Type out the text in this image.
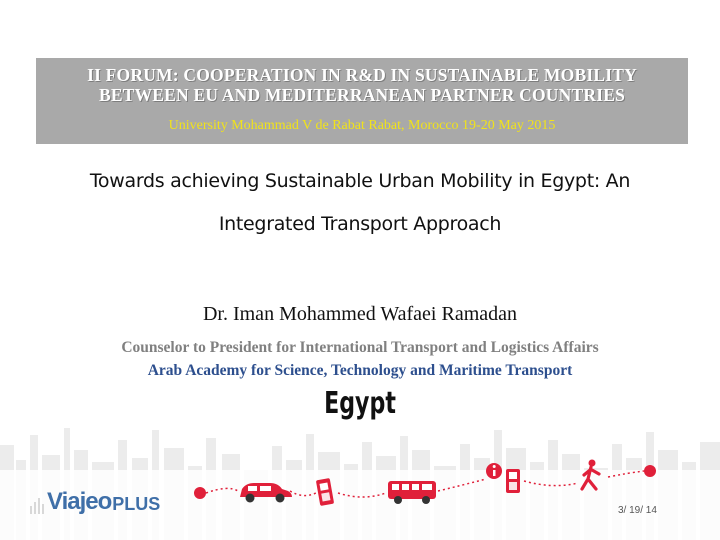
II FORUM: COOPERATION IN R&D IN SUSTAINABLE MOBILITY
BETWEEN EU AND MEDITERRANEAN PARTNER COUNTRIES
University Mohammad V de Rabat Rabat, Morocco 19-20 May 2015
Towards achieving Sustainable Urban Mobility in Egypt: An
Integrated Transport Approach
Dr. Iman Mohammed Wafaei Ramadan
Counselor to President for International Transport and Logistics Affairs
Arab Academy for Science, Technology and Maritime Transport
Egypt
Viajeo PLUS	3/ 19/ 14
